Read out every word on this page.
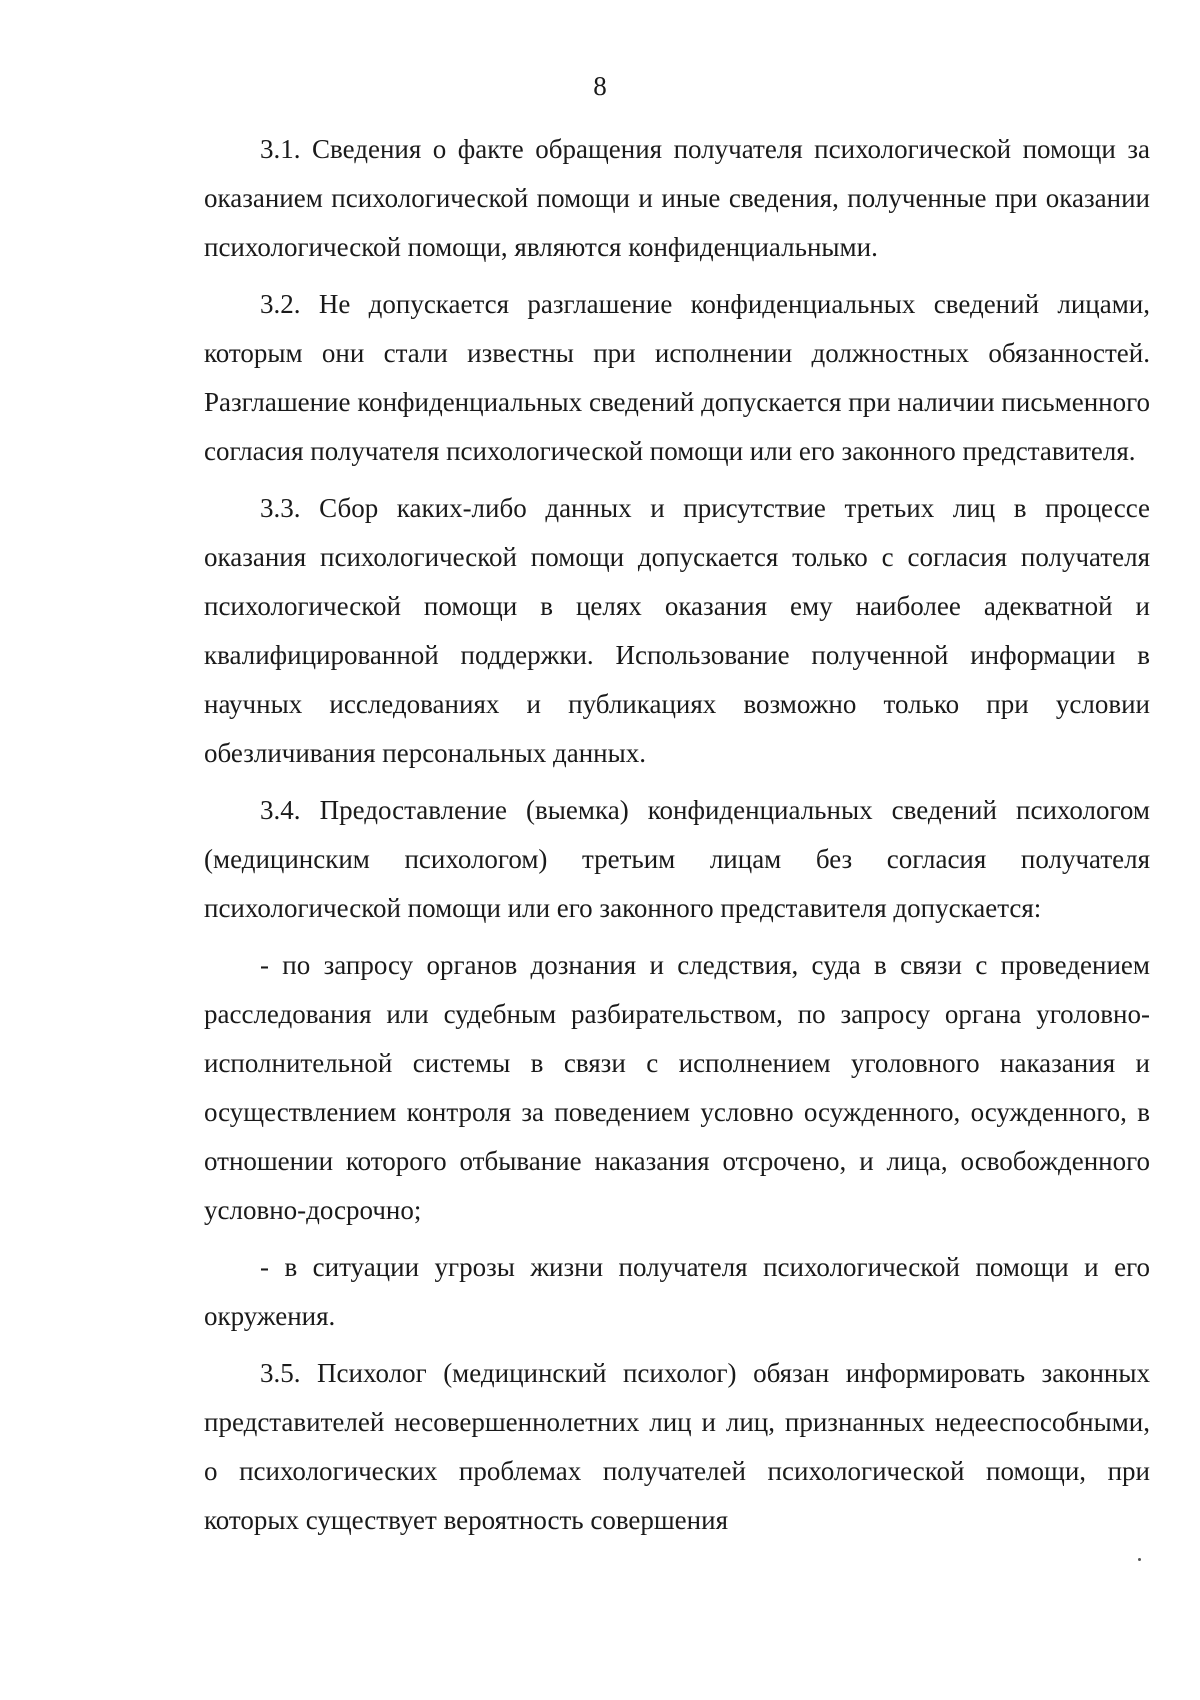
8

3.1. Сведения о факте обращения получателя психологической помощи за оказанием психологической помощи и иные сведения, полученные при оказании психологической помощи, являются конфиденциальными.

3.2. Не допускается разглашение конфиденциальных сведений лицами, которым они стали известны при исполнении должностных обязанностей. Разглашение конфиденциальных сведений допускается при наличии письменного согласия получателя психологической помощи или его законного представителя.

3.3. Сбор каких-либо данных и присутствие третьих лиц в процессе оказания психологической помощи допускается только с согласия получателя психологической помощи в целях оказания ему наиболее адекватной и квалифицированной поддержки. Использование полученной информации в научных исследованиях и публикациях возможно только при условии обезличивания персональных данных.

3.4. Предоставление (выемка) конфиденциальных сведений психологом (медицинским психологом) третьим лицам без согласия получателя психологической помощи или его законного представителя допускается:

- по запросу органов дознания и следствия, суда в связи с проведением расследования или судебным разбирательством, по запросу органа уголовно-исполнительной системы в связи с исполнением уголовного наказания и осуществлением контроля за поведением условно осужденного, осужденного, в отношении которого отбывание наказания отсрочено, и лица, освобожденного условно-досрочно;

- в ситуации угрозы жизни получателя психологической помощи и его окружения.

3.5. Психолог (медицинский психолог) обязан информировать законных представителей несовершеннолетних лиц и лиц, признанных недееспособными, о психологических проблемах получателей психологической помощи, при которых существует вероятность совершения
